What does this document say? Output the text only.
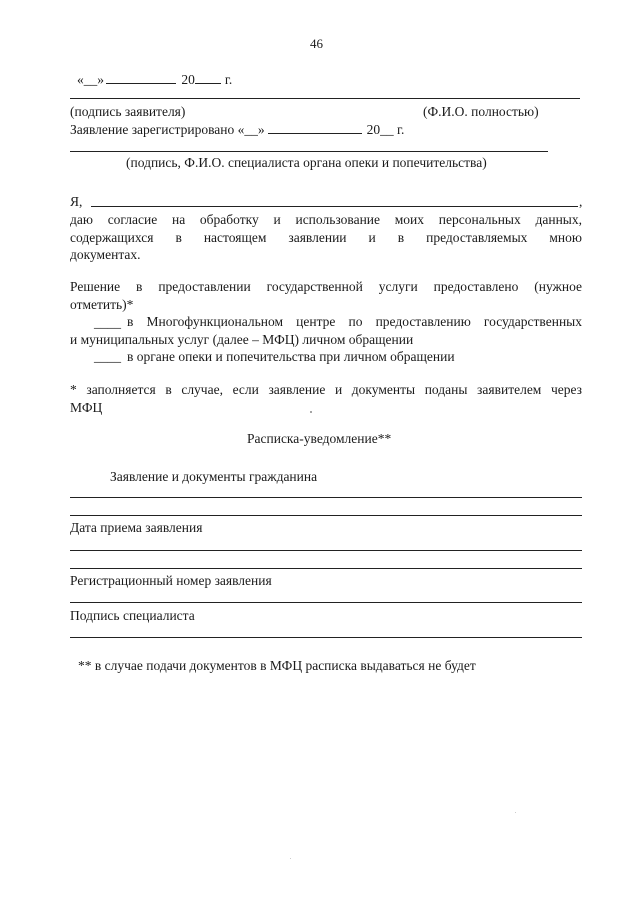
46
«__»	20 г.
(подпись заявителя)	(Ф.И.О. полностью)
Заявление зарегистрировано «__»	20__ г.
(подпись, Ф.И.О. специалиста органа опеки и попечительства)
Я,	,
даю согласие на обработку и использование моих персональных данных,
содержащихся в настоящем заявлении и в предоставляемых мною
документах.
Решение в предоставлении государственной услуги предоставлено (нужное
отметить)*
____ в Многофункциональном центре по предоставлению государственных
и муниципальных услуг (далее – МФЦ) личном обращении
____ в органе опеки и попечительства при личном обращении
* заполняется в случае, если заявление и документы поданы заявителем через
МФЦ
Расписка-уведомление**
Заявление и документы гражданина
Дата приема заявления
Регистрационный номер заявления
Подпись специалиста
** в случае подачи документов в МФЦ расписка выдаваться не будет
